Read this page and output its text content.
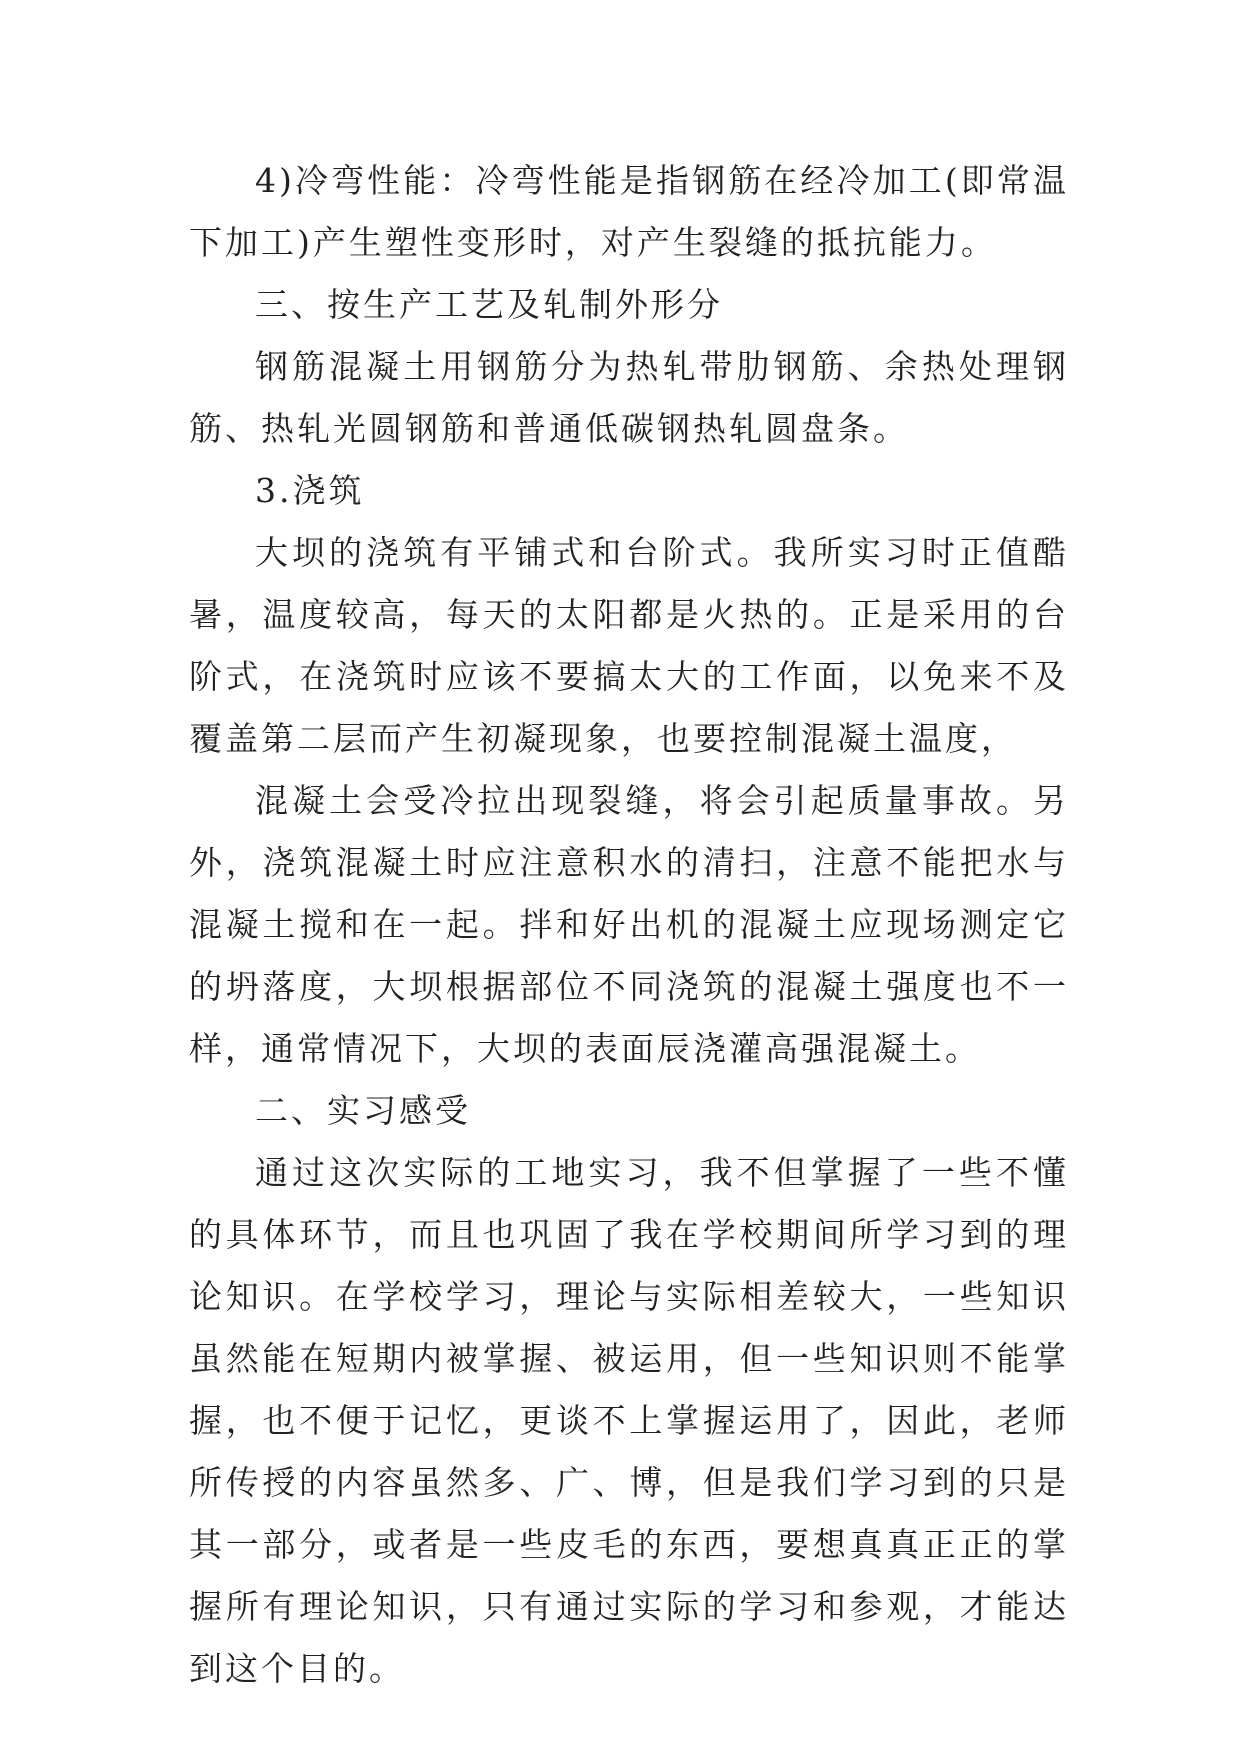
4)冷弯性能：冷弯性能是指钢筋在经冷加工(即常温下加工)产生塑性变形时，对产生裂缝的抵抗能力。

三、按生产工艺及轧制外形分

钢筋混凝土用钢筋分为热轧带肋钢筋、余热处理钢筋、热轧光圆钢筋和普通低碳钢热轧圆盘条。

3.浇筑

大坝的浇筑有平铺式和台阶式。我所实习时正值酷暑，温度较高，每天的太阳都是火热的。正是采用的台阶式，在浇筑时应该不要搞太大的工作面，以免来不及覆盖第二层而产生初凝现象，也要控制混凝土温度，

混凝土会受冷拉出现裂缝，将会引起质量事故。另外，浇筑混凝土时应注意积水的清扫，注意不能把水与混凝土搅和在一起。拌和好出机的混凝土应现场测定它的坍落度，大坝根据部位不同浇筑的混凝土强度也不一样，通常情况下，大坝的表面辰浇灌高强混凝土。

二、实习感受

通过这次实际的工地实习，我不但掌握了一些不懂的具体环节，而且也巩固了我在学校期间所学习到的理论知识。在学校学习，理论与实际相差较大，一些知识虽然能在短期内被掌握、被运用，但一些知识则不能掌握，也不便于记忆，更谈不上掌握运用了，因此，老师所传授的内容虽然多、广、博，但是我们学习到的只是其一部分，或者是一些皮毛的东西，要想真真正正的掌握所有理论知识，只有通过实际的学习和参观，才能达到这个目的。
